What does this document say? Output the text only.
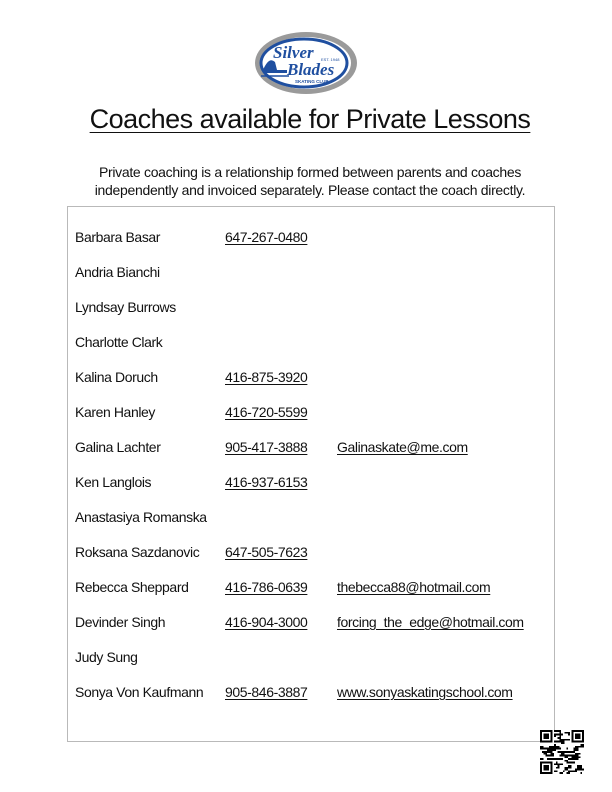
Silver
Blades
EST. 1948
SKATING CLUB
Coaches available for Private Lessons
Private coaching is a relationship formed between parents and coaches
independently and invoiced separately. Please contact the coach directly.
Barbara Basar	647-267-0480
Andria Bianchi
Lyndsay Burrows
Charlotte Clark
Kalina Doruch	416-875-3920
Karen Hanley	416-720-5599
Galina Lachter	905-417-3888 Galinaskate@me.com
Ken Langlois	416-937-6153
Anastasiya Romanska
Roksana Sazdanovic 647-505-7623
Rebecca Sheppard	416-786-0639 thebecca88@hotmail.com
Devinder Singh	416-904-3000 forcing_the_edge@hotmail.com
Judy Sung
Sonya Von Kaufmann 905-846-3887 www.sonyaskatingschool.com
